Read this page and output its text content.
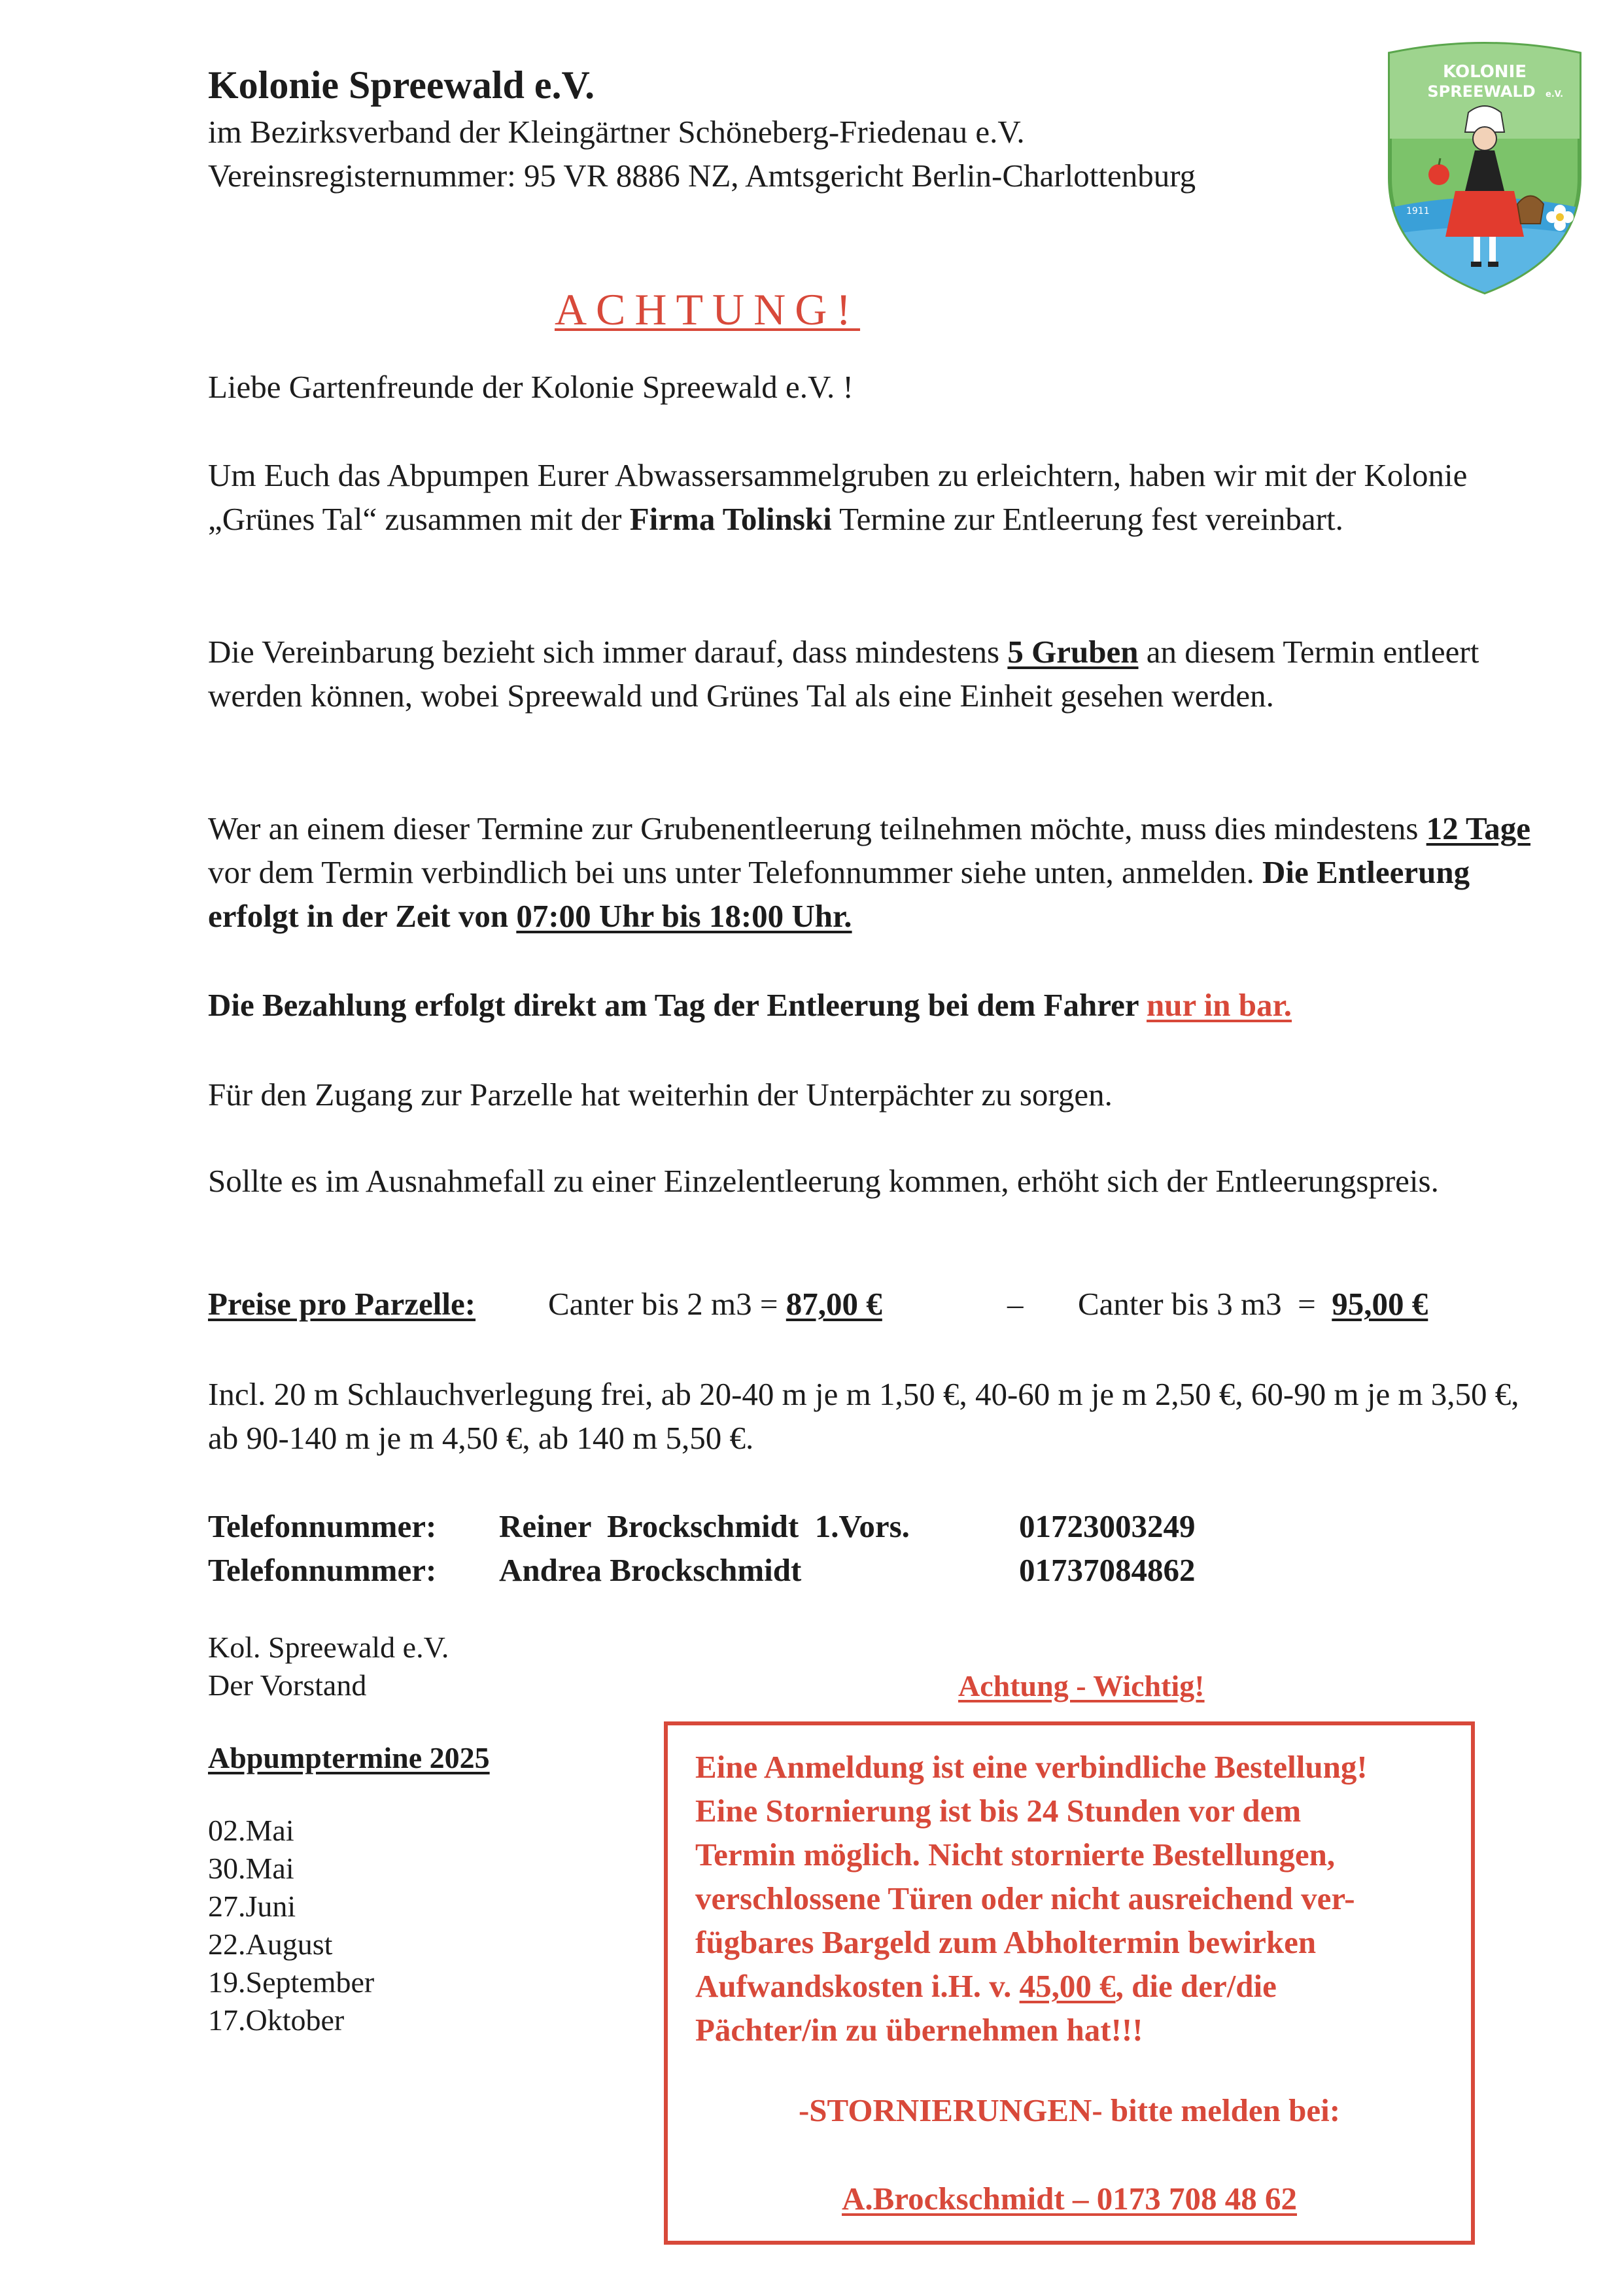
Kolonie Spreewald e.V.
im Bezirksverband der Kleingärtner Schöneberg-Friedenau e.V.
Vereinsregisternummer: 95 VR 8886 NZ, Amtsgericht Berlin-Charlottenburg
KOLONIE
SPREEWALD e.V.
1911
ACHTUNG!
Liebe Gartenfreunde der Kolonie Spreewald e.V. !
Um Euch das Abpumpen Eurer Abwassersammelgruben zu erleichtern, haben wir mit der Kolonie „Grünes Tal“ zusammen mit der Firma Tolinski Termine zur Entleerung fest vereinbart.
Die Vereinbarung bezieht sich immer darauf, dass mindestens 5 Gruben an diesem Termin entleert werden können, wobei Spreewald und Grünes Tal als eine Einheit gesehen werden.
Wer an einem dieser Termine zur Grubenentleerung teilnehmen möchte, muss dies mindestens 12 Tage vor dem Termin verbindlich bei uns unter Telefonnummer siehe unten, anmelden. Die Entleerung erfolgt in der Zeit von 07:00 Uhr bis 18:00 Uhr.
Die Bezahlung erfolgt direkt am Tag der Entleerung bei dem Fahrer nur in bar.
Für den Zugang zur Parzelle hat weiterhin der Unterpächter zu sorgen.
Sollte es im Ausnahmefall zu einer Einzelentleerung kommen, erhöht sich der Entleerungspreis.
Preise pro Parzelle: Canter bis 2 m3 = 87,00 €	– Canter bis 3 m3  =  95,00 €
Incl. 20 m Schlauchverlegung frei, ab 20-40 m je m 1,50 €, 40-60 m je m 2,50 €, 60-90 m je m 3,50 €, ab 90-140 m je m 4,50 €, ab 140 m 5,50 €.
Telefonnummer: Reiner  Brockschmidt  1.Vors.	01723003249
Telefonnummer: Andrea Brockschmidt	01737084862
Kol. Spreewald e.V.
Der Vorstand
Abpumptermine 2025
02.Mai
30.Mai
27.Juni
22.August
19.September
17.Oktober
Achtung - Wichtig!

Eine Anmeldung ist eine verbindliche Bestellung!
Eine Stornierung ist bis 24 Stunden vor dem
Termin möglich. Nicht stornierte Bestellungen,
verschlossene Türen oder nicht ausreichend ver-
fügbares Bargeld zum Abholtermin bewirken
Aufwandskosten i.H. v. 45,00 €, die der/die
Pächter/in zu übernehmen hat!!!

-STORNIERUNGEN- bitte melden bei:
A.Brockschmidt – 0173 708 48 62
